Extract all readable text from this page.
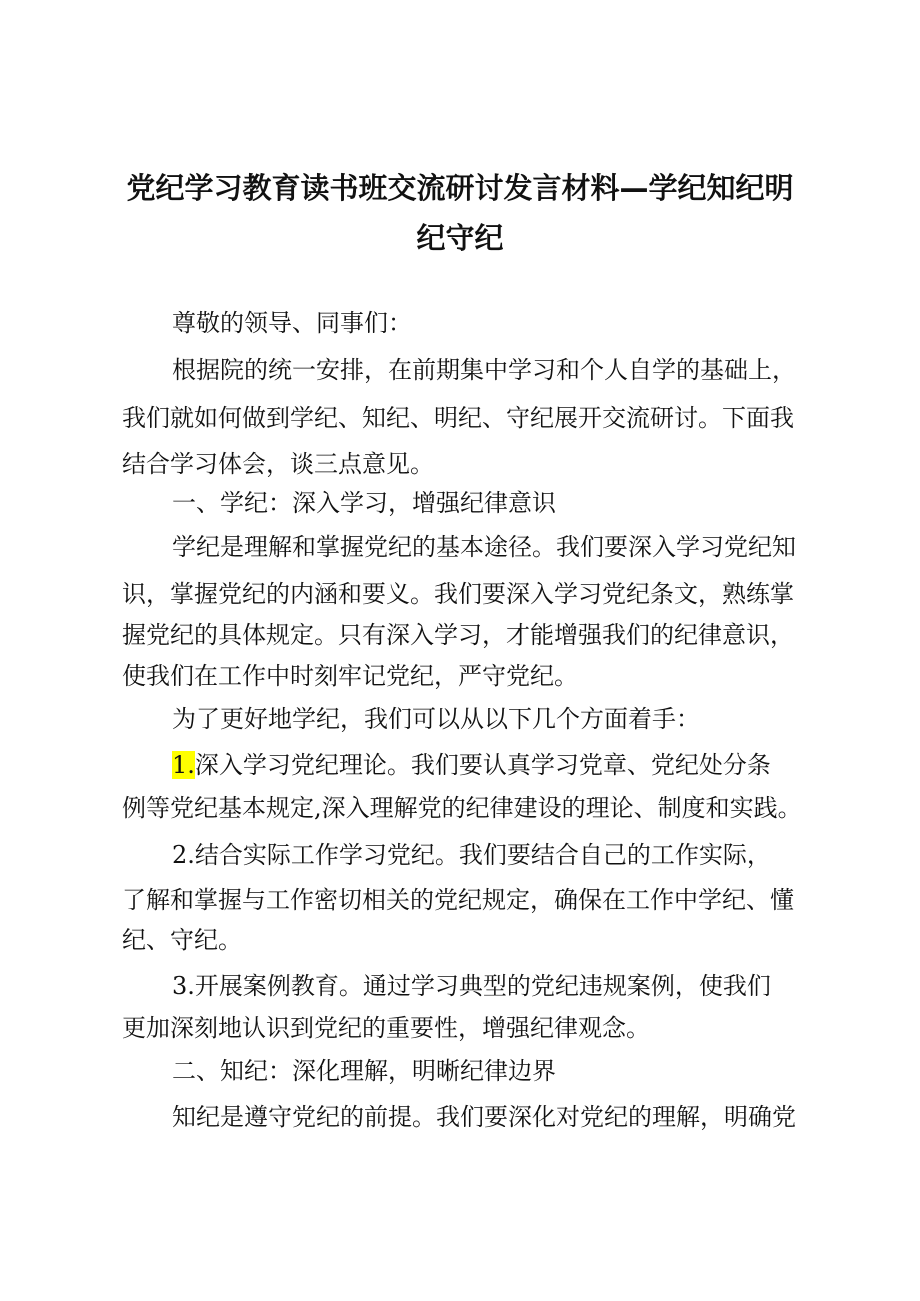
党纪学习教育读书班交流研讨发言材料—学纪知纪明
纪守纪
尊敬的领导、同事们：
根据院的统一安排，在前期集中学习和个人自学的基础上，
我们就如何做到学纪、知纪、明纪、守纪展开交流研讨。下面我
结合学习体会，谈三点意见。
一、学纪：深入学习，增强纪律意识
学纪是理解和掌握党纪的基本途径。我们要深入学习党纪知
识，掌握党纪的内涵和要义。我们要深入学习党纪条文，熟练掌
握党纪的具体规定。只有深入学习，才能增强我们的纪律意识，
使我们在工作中时刻牢记党纪，严守党纪。
为了更好地学纪，我们可以从以下几个方面着手：
1.深入学习党纪理论。我们要认真学习党章、党纪处分条
例等党纪基本规定,深入理解党的纪律建设的理论、制度和实践。
2.结合实际工作学习党纪。我们要结合自己的工作实际，
了解和掌握与工作密切相关的党纪规定，确保在工作中学纪、懂
纪、守纪。
3.开展案例教育。通过学习典型的党纪违规案例，使我们
更加深刻地认识到党纪的重要性，增强纪律观念。
二、知纪：深化理解，明晰纪律边界
知纪是遵守党纪的前提。我们要深化对党纪的理解，明确党
